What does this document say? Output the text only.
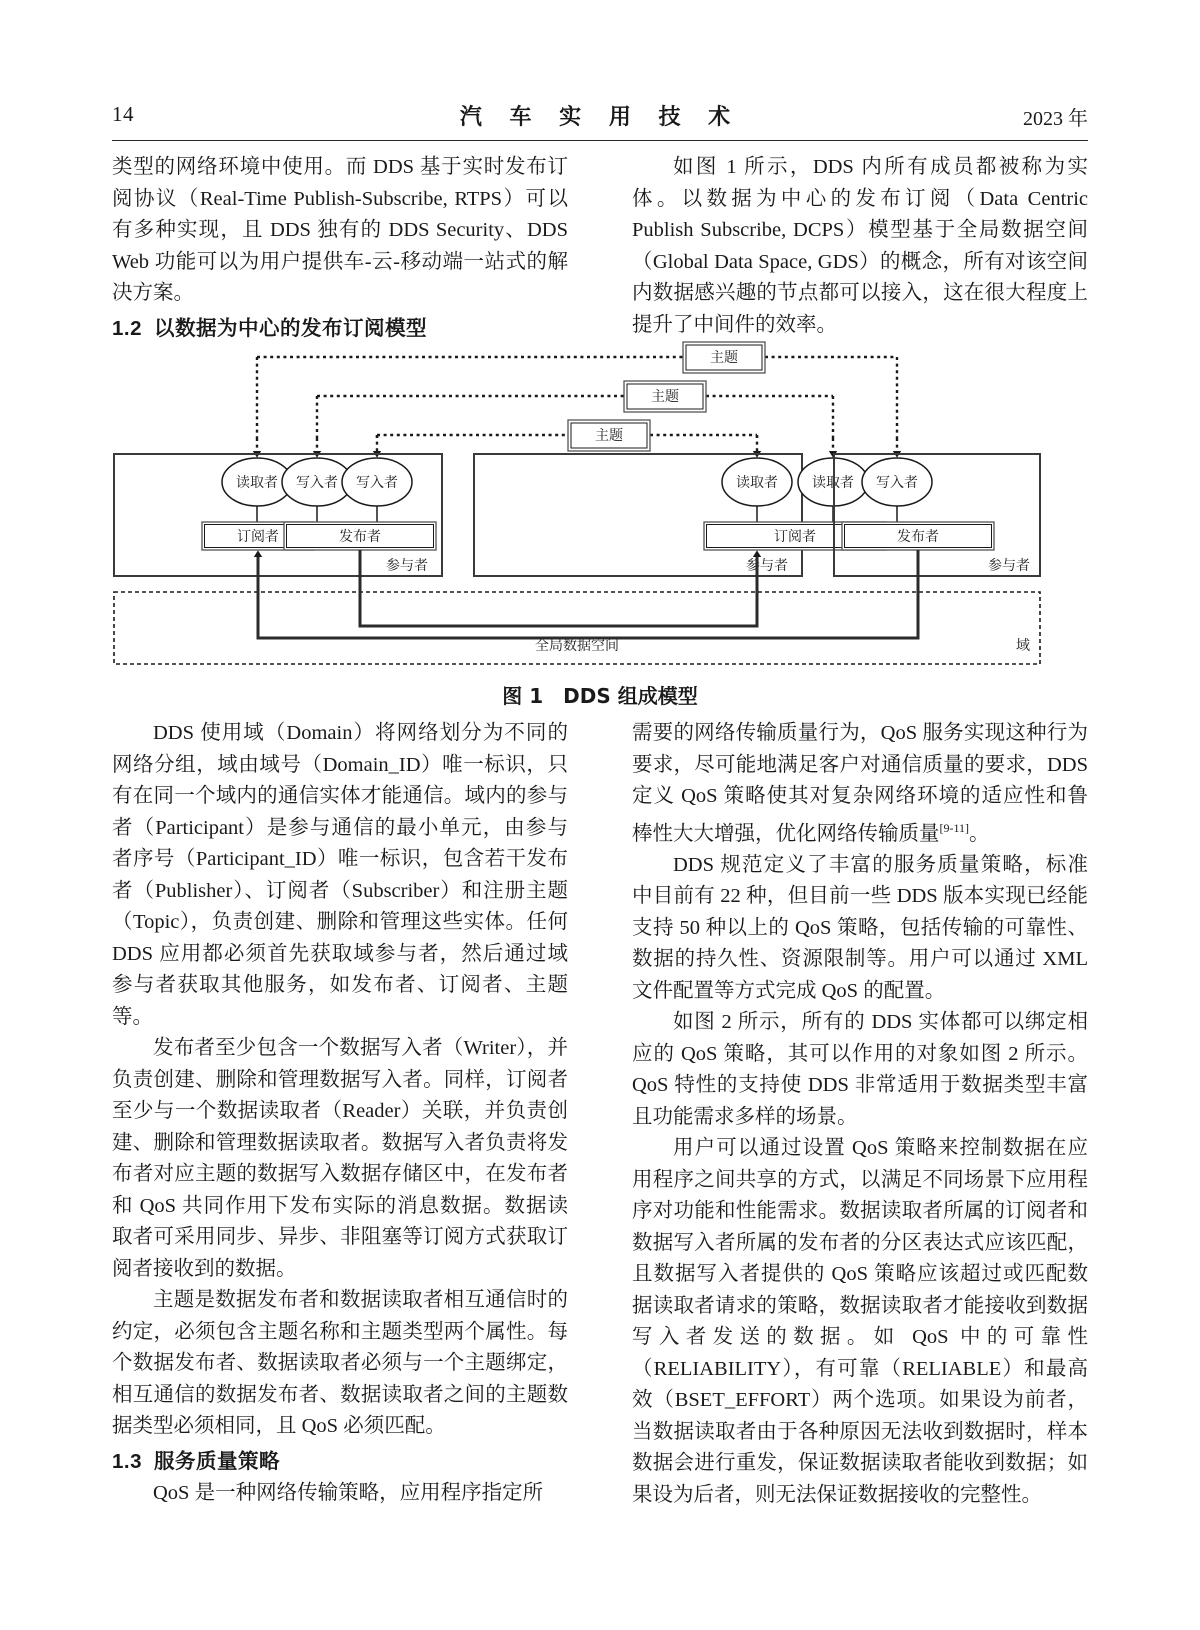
14	汽 车 实 用 技 术	2023 年

类型的网络环境中使用。而 DDS 基于实时发布订阅协议（Real-Time Publish-Subscribe, RTPS）可以有多种实现，且 DDS 独有的 DDS Security、DDS Web 功能可以为用户提供车-云-移动端一站式的解决方案。

1.2 以数据为中心的发布订阅模型

如图 1 所示，DDS 内所有成员都被称为实体。以数据为中心的发布订阅（Data Centric Publish Subscribe, DCPS）模型基于全局数据空间（Global Data Space, GDS）的概念，所有对该空间内数据感兴趣的节点都可以接入，这在很大程度上提升了中间件的效率。

主题
主题
主题
读取者 写入者 写入者
订阅者	发布者
参与者
读取者 读取者
订阅者
参与者
写入者
发布者
参与者
全局数据空间	域
图 1 DDS 组成模型

DDS 使用域（Domain）将网络划分为不同的网络分组，域由域号（Domain_ID）唯一标识，只有在同一个域内的通信实体才能通信。域内的参与者（Participant）是参与通信的最小单元，由参与者序号（Participant_ID）唯一标识，包含若干发布者（Publisher）、订阅者（Subscriber）和注册主题（Topic），负责创建、删除和管理这些实体。任何 DDS 应用都必须首先获取域参与者，然后通过域参与者获取其他服务，如发布者、订阅者、主题等。

发布者至少包含一个数据写入者（Writer），并负责创建、删除和管理数据写入者。同样，订阅者至少与一个数据读取者（Reader）关联，并负责创建、删除和管理数据读取者。数据写入者负责将发布者对应主题的数据写入数据存储区中，在发布者和 QoS 共同作用下发布实际的消息数据。数据读取者可采用同步、异步、非阻塞等订阅方式获取订阅者接收到的数据。

主题是数据发布者和数据读取者相互通信时的约定，必须包含主题名称和主题类型两个属性。每个数据发布者、数据读取者必须与一个主题绑定，相互通信的数据发布者、数据读取者之间的主题数据类型必须相同，且 QoS 必须匹配。

1.3 服务质量策略

QoS 是一种网络传输策略，应用程序指定所

需要的网络传输质量行为，QoS 服务实现这种行为要求，尽可能地满足客户对通信质量的要求，DDS 定义 QoS 策略使其对复杂网络环境的适应性和鲁棒性大大增强，优化网络传输质量[9-11]。

DDS 规范定义了丰富的服务质量策略，标准中目前有 22 种，但目前一些 DDS 版本实现已经能支持 50 种以上的 QoS 策略，包括传输的可靠性、数据的持久性、资源限制等。用户可以通过 XML 文件配置等方式完成 QoS 的配置。

如图 2 所示，所有的 DDS 实体都可以绑定相应的 QoS 策略，其可以作用的对象如图 2 所示。QoS 特性的支持使 DDS 非常适用于数据类型丰富且功能需求多样的场景。

用户可以通过设置 QoS 策略来控制数据在应用程序之间共享的方式，以满足不同场景下应用程序对功能和性能需求。数据读取者所属的订阅者和数据写入者所属的发布者的分区表达式应该匹配，且数据写入者提供的 QoS 策略应该超过或匹配数据读取者请求的策略，数据读取者才能接收到数据写入者发送的数据。如 QoS 中的可靠性（RELIABILITY），有可靠（RELIABLE）和最高效（BSET_EFFORT）两个选项。如果设为前者，当数据读取者由于各种原因无法收到数据时，样本数据会进行重发，保证数据读取者能收到数据；如果设为后者，则无法保证数据接收的完整性。
